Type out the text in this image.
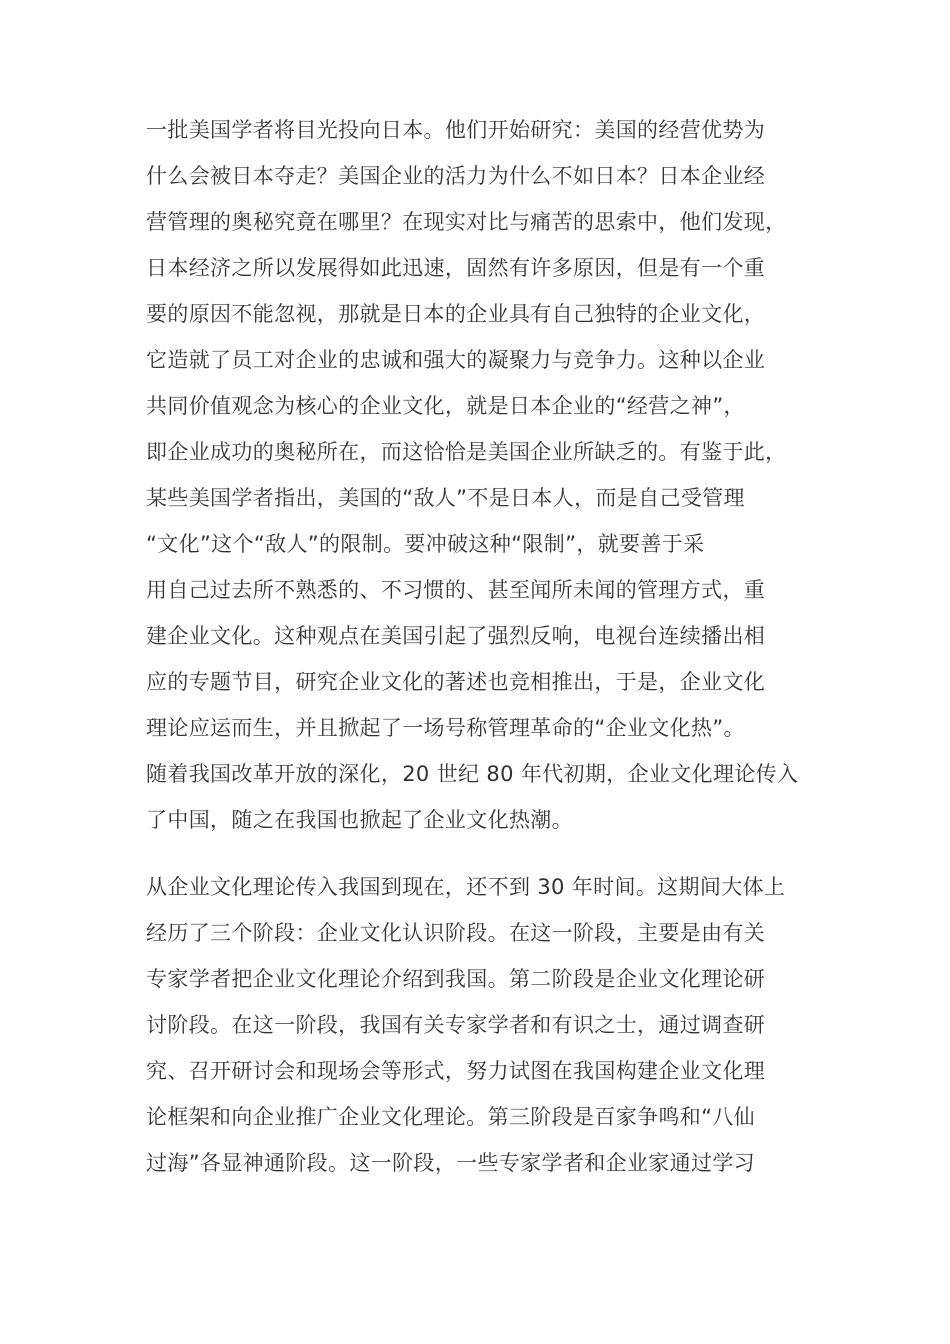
一批美国学者将目光投向日本。他们开始研究：美国的经营优势为
什么会被日本夺走？美国企业的活力为什么不如日本？日本企业经
营管理的奥秘究竟在哪里？在现实对比与痛苦的思索中，他们发现，
日本经济之所以发展得如此迅速，固然有许多原因，但是有一个重
要的原因不能忽视，那就是日本的企业具有自己独特的企业文化，
它造就了员工对企业的忠诚和强大的凝聚力与竞争力。这种以企业
共同价值观念为核心的企业文化，就是日本企业的“经营之神”，
即企业成功的奥秘所在，而这恰恰是美国企业所缺乏的。有鉴于此，
某些美国学者指出，美国的“敌人”不是日本人，而是自己受管理
“文化”这个“敌人”的限制。要冲破这种“限制”，就要善于采
用自己过去所不熟悉的、不习惯的、甚至闻所未闻的管理方式，重
建企业文化。这种观点在美国引起了强烈反响，电视台连续播出相
应的专题节目，研究企业文化的著述也竞相推出，于是，企业文化
理论应运而生，并且掀起了一场号称管理革命的“企业文化热”。
随着我国改革开放的深化，20 世纪 80 年代初期，企业文化理论传入
了中国，随之在我国也掀起了企业文化热潮。
从企业文化理论传入我国到现在，还不到 30 年时间。这期间大体上
经历了三个阶段：企业文化认识阶段。在这一阶段，主要是由有关
专家学者把企业文化理论介绍到我国。第二阶段是企业文化理论研
讨阶段。在这一阶段，我国有关专家学者和有识之士，通过调查研
究、召开研讨会和现场会等形式，努力试图在我国构建企业文化理
论框架和向企业推广企业文化理论。第三阶段是百家争鸣和“八仙
过海”各显神通阶段。这一阶段，一些专家学者和企业家通过学习
